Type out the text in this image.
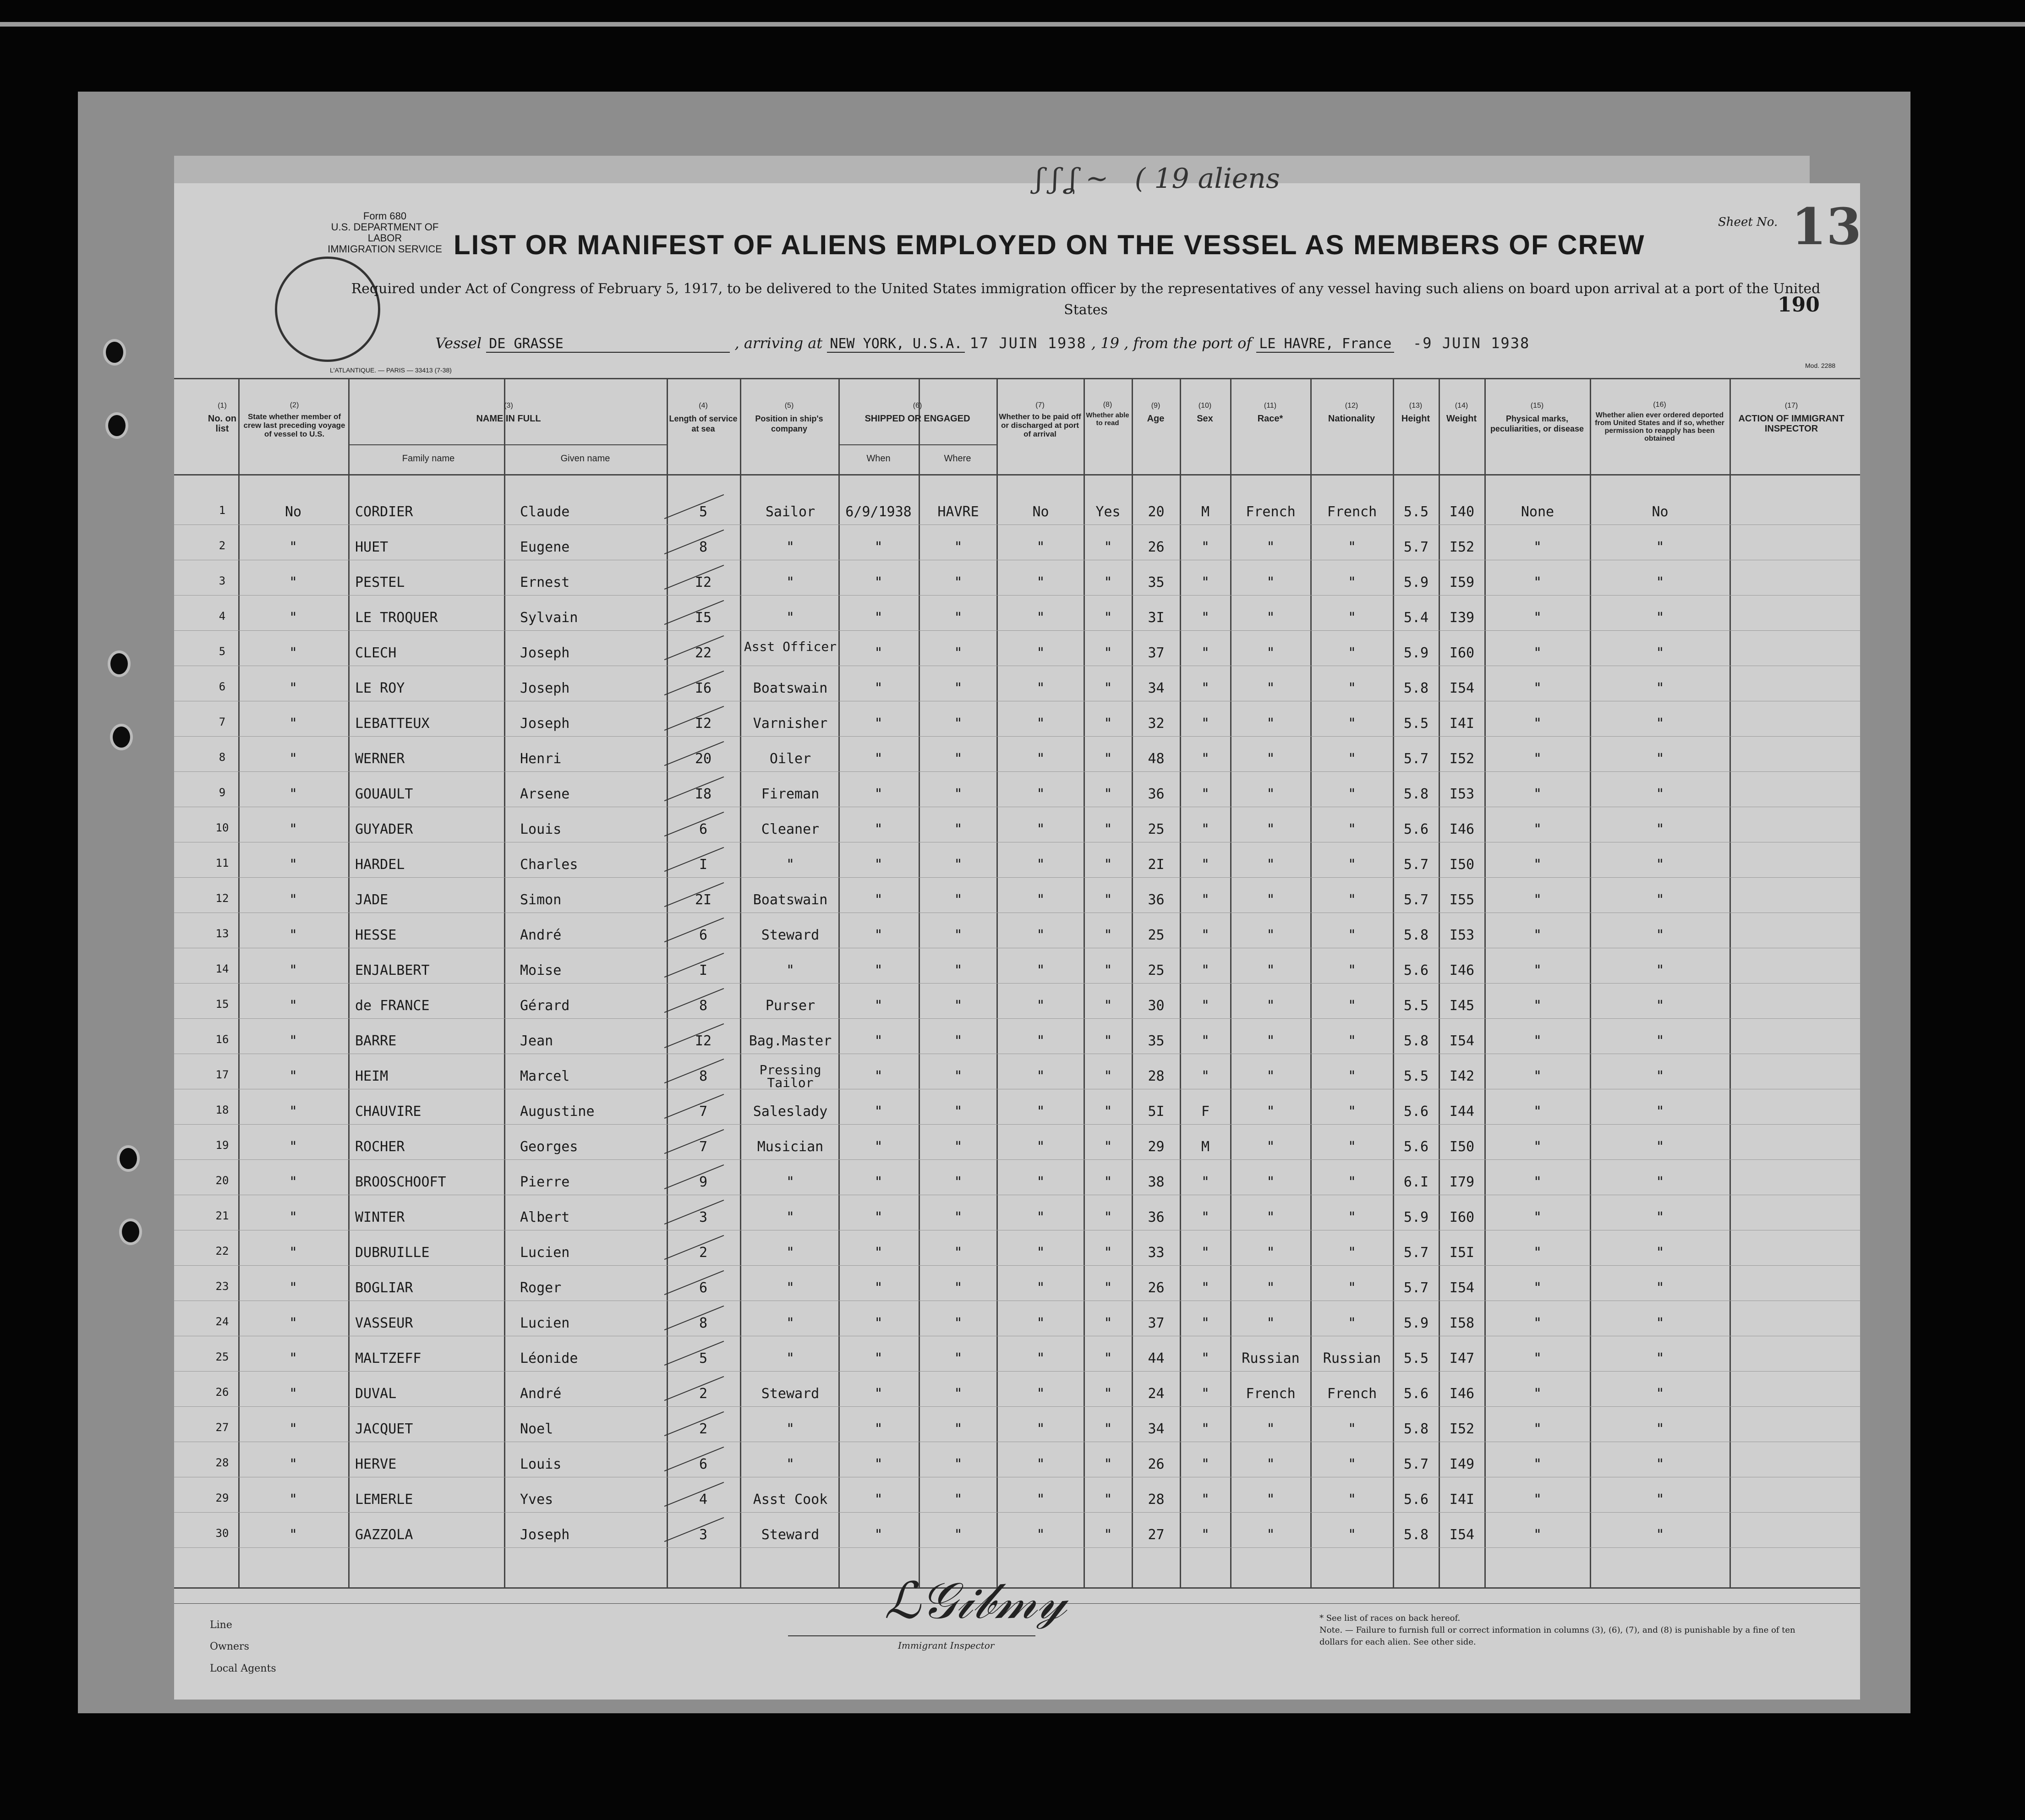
ʃ ʃ ʆ ~   ( 19 aliens
Form 680
U.S. DEPARTMENT OF LABOR
IMMIGRATION SERVICE LIST OR MANIFEST OF ALIENS EMPLOYED ON THE VESSEL AS MEMBERS OF CREW
Required under Act of Congress of February 5, 1917, to be delivered to the United States immigration officer by the representatives of any vessel having such aliens on board upon arrival at a port of the United States
Sheet No. 13
190
Vessel DE GRASSE	, arriving at NEW YORK, U.S.A. 17 JUIN 1938 , 19 , from the port of LE HAVRE, France -9 JUIN 1938
L'ATLANTIQUE. — PARIS — 33413 (7-38)
Mod. 2288
(1)
No. on list
(2)
State whether member of crew last preceding voyage of vessel to U.S.
(3)
NAME IN FULL
Family name	Given name
(4)
Length of service at sea
(5)
Position in ship's company
(6)
SHIPPED OR ENGAGED
When	Where
(7)
Whether to be paid off or discharged at port of arrival
(8)
Whether able to read
(9)
Age
(10)
Sex
(11)
Race*
(12)
Nationality
(13)
Height
(14)
Weight
(15)
Physical marks, peculiarities, or disease
(16)
Whether alien ever ordered deported from United States and if so, whether permission to reapply has been obtained
(17)
ACTION OF IMMIGRANT INSPECTOR
1	No	CORDIER	Claude	5	Sailor	6/9/1938	HAVRE	No	Yes	20	M	French	French	5.5	I40	None	No
2	"	HUET	Eugene	8	"	"	"	"	"	26	"	"	"	5.7	I52	"	"
3	"	PESTEL	Ernest	I2	"	"	"	"	"	35	"	"	"	5.9	I59	"	"
4	"	LE TROQUER	Sylvain	I5	"	"	"	"	"	3I	"	"	"	5.4	I39	"	"
5	"	CLECH	Joseph	22	Asst Officer	"	"	"	"	37	"	"	"	5.9	I60	"	"
6	"	LE ROY	Joseph	I6	Boatswain	"	"	"	"	34	"	"	"	5.8	I54	"	"
7	"	LEBATTEUX	Joseph	I2	Varnisher	"	"	"	"	32	"	"	"	5.5	I4I	"	"
8	"	WERNER	Henri	20	Oiler	"	"	"	"	48	"	"	"	5.7	I52	"	"
9	"	GOUAULT	Arsene	I8	Fireman	"	"	"	"	36	"	"	"	5.8	I53	"	"
10	"	GUYADER	Louis	6	Cleaner	"	"	"	"	25	"	"	"	5.6	I46	"	"
11	"	HARDEL	Charles	I	"	"	"	"	"	2I	"	"	"	5.7	I50	"	"
12	"	JADE	Simon	2I	Boatswain	"	"	"	"	36	"	"	"	5.7	I55	"	"
13	"	HESSE	André	6	Steward	"	"	"	"	25	"	"	"	5.8	I53	"	"
14	"	ENJALBERT	Moise	I	"	"	"	"	"	25	"	"	"	5.6	I46	"	"
15	"	de FRANCE	Gérard	8	Purser	"	"	"	"	30	"	"	"	5.5	I45	"	"
16	"	BARRE	Jean	I2	Bag.Master	"	"	"	"	35	"	"	"	5.8	I54	"	"
17	"	HEIM	Marcel	8	Pressing Tailor	"	"	"	"	28	"	"	"	5.5	I42	"	"
18	"	CHAUVIRE	Augustine	7	Saleslady	"	"	"	"	5I	F	"	"	5.6	I44	"	"
19	"	ROCHER	Georges	7	Musician	"	"	"	"	29	M	"	"	5.6	I50	"	"
20	"	BROOSCHOOFT	Pierre	9	"	"	"	"	"	38	"	"	"	6.I	I79	"	"
21	"	WINTER	Albert	3	"	"	"	"	"	36	"	"	"	5.9	I60	"	"
22	"	DUBRUILLE	Lucien	2	"	"	"	"	"	33	"	"	"	5.7	I5I	"	"
23	"	BOGLIAR	Roger	6	"	"	"	"	"	26	"	"	"	5.7	I54	"	"
24	"	VASSEUR	Lucien	8	"	"	"	"	"	37	"	"	"	5.9	I58	"	"
25	"	MALTZEFF	Léonide	5	"	"	"	"	"	44	"	Russian	Russian	5.5	I47	"	"
26	"	DUVAL	André	2	Steward	"	"	"	"	24	"	French	French	5.6	I46	"	"
27	"	JACQUET	Noel	2	"	"	"	"	"	34	"	"	"	5.8	I52	"	"
28	"	HERVE	Louis	6	"	"	"	"	"	26	"	"	"	5.7	I49	"	"
29	"	LEMERLE	Yves	4	Asst Cook	"	"	"	"	28	"	"	"	5.6	I4I	"	"
30	"	GAZZOLA	Joseph	3	Steward	"	"	"	"	27	"	"	"	5.8	I54	"	"
Line
Owners
Local Agents
ℒ𝒢𝒾𝒷𝓂𝓎
Immigrant Inspector
* See list of races on back hereof.
Note. — Failure to furnish full or correct information in columns (3), (6), (7), and (8) is punishable by a fine of ten dollars for each alien. See other side.
